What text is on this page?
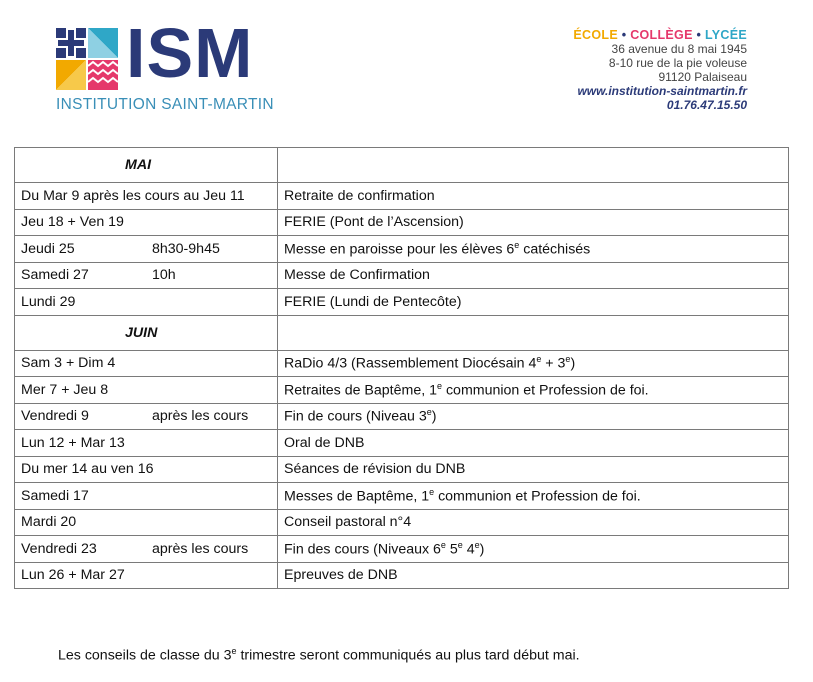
ISM
INSTITUTION SAINT-MARTIN
ÉCOLE • COLLÈGE • LYCÉE
36 avenue du 8 mai 1945
8-10 rue de la pie voleuse
91120 Palaiseau
www.institution-saintmartin.fr
01.76.47.15.50
MAI	

Du Mar 9 après les cours au Jeu 11	Retraite de confirmation

Jeu 18 + Ven 19	FERIE (Pont de l’Ascension)

Jeudi 25 8h30-9h45	Messe en paroisse pour les élèves 6e catéchisés

Samedi 27 10h	Messe de Confirmation

Lundi 29	FERIE (Lundi de Pentecôte)
JUIN	

Sam 3 + Dim 4	RaDio 4/3 (Rassemblement Diocésain $4^e + 3^e$)

Mer 7 + Jeu 8	Retraites de Baptême, 1e communion et Profession de foi.

Vendredi 9 après les cours	Fin de cours (Niveau 3e)

Lun 12 + Mar 13	Oral de DNB

Du mer 14 au ven 16	Séances de révision du DNB

Samedi 17	Messes de Baptême, 1e communion et Profession de foi.

Mardi 20	Conseil pastoral n°4

Vendredi 23 après les cours	Fin des cours (Niveaux 6e 5e 4e)

Lun 26 + Mar 27	Epreuves de DNB
Les conseils de classe du 3e trimestre seront communiqués au plus tard début mai.
